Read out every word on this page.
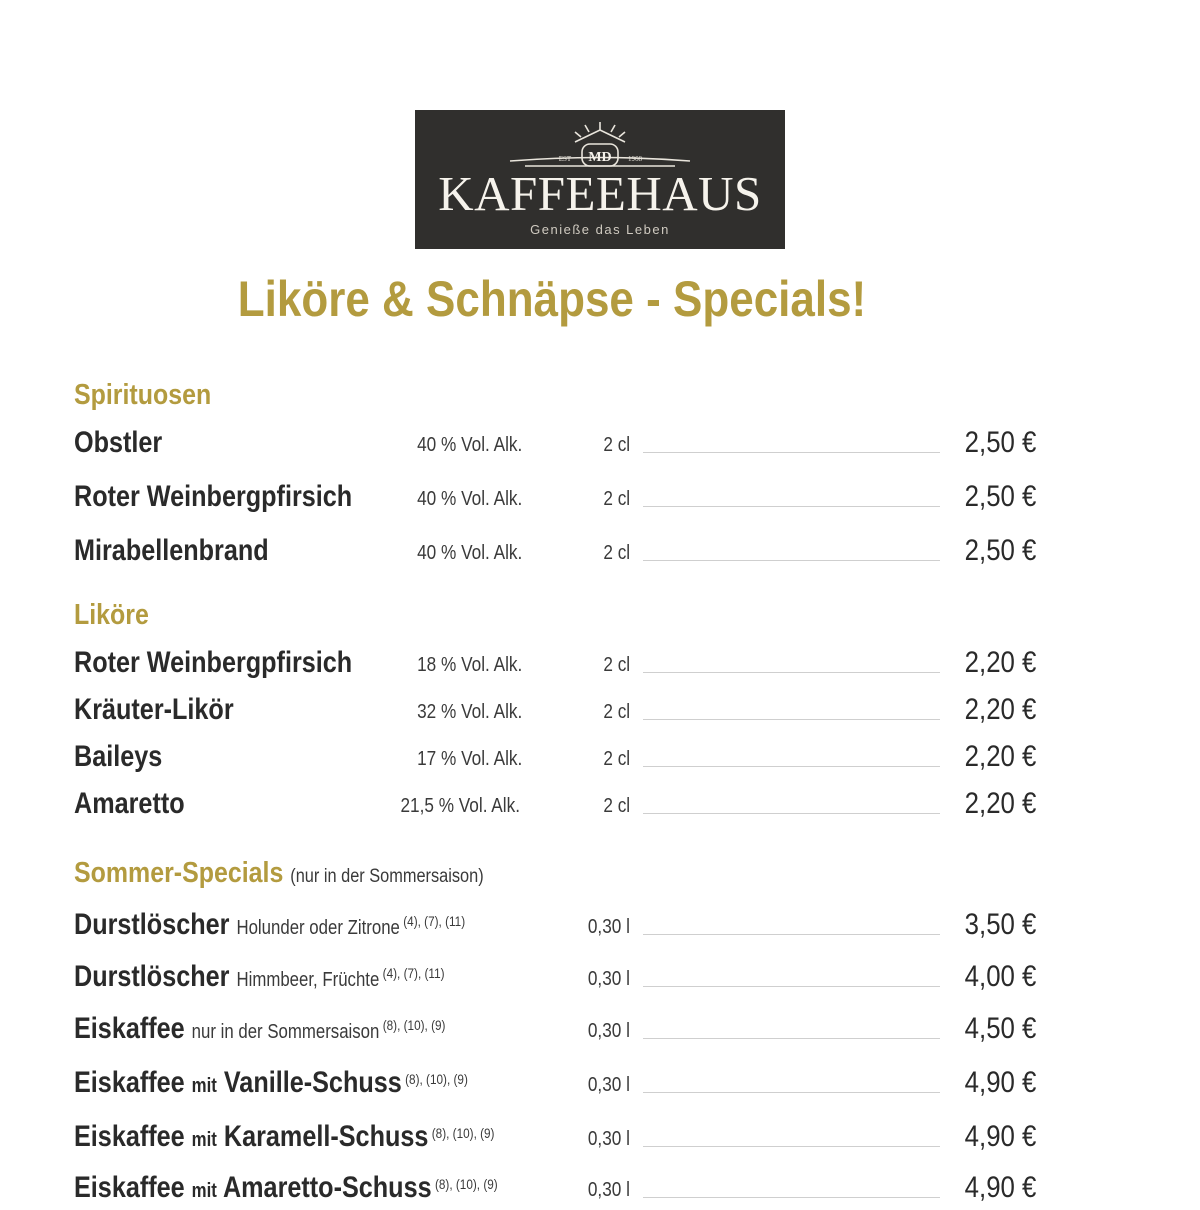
EST	1968
MD
KAFFEEHAUS
Genieße das Leben
Liköre & Schnäpse - Specials!
Spirituosen
Obstler	40 % Vol. Alk.	2 cl	2,50 €
Roter Weinbergpfirsich	40 % Vol. Alk.	2 cl	2,50 €
Mirabellenbrand	40 % Vol. Alk.	2 cl	2,50 €
Liköre
Roter Weinbergpfirsich	18 % Vol. Alk.	2 cl	2,20 €
Kräuter-Likör	32 % Vol. Alk.	2 cl	2,20 €
Baileys	17 % Vol. Alk.	2 cl	2,20 €
Amaretto	21,5 % Vol. Alk.	2 cl	2,20 €
Sommer-Specials (nur in der Sommersaison)
Durstlöscher Holunder oder Zitrone $^{(4), (7), (11)}$	0,30 l	3,50 €
Durstlöscher Himmbeer, Früchte $^{(4), (7), (11)}$	0,30 l	4,00 €
Eiskaffee nur in der Sommersaison $^{(8), (10), (9)}$	0,30 l	4,50 €
Eiskaffee mit Vanille-Schuss $^{(8), (10), (9)}$	0,30 l	4,90 €
Eiskaffee mit Karamell-Schuss $^{(8), (10), (9)}$	0,30 l	4,90 €
Eiskaffee mit Amaretto-Schuss $^{(8), (10), (9)}$	0,30 l	4,90 €
